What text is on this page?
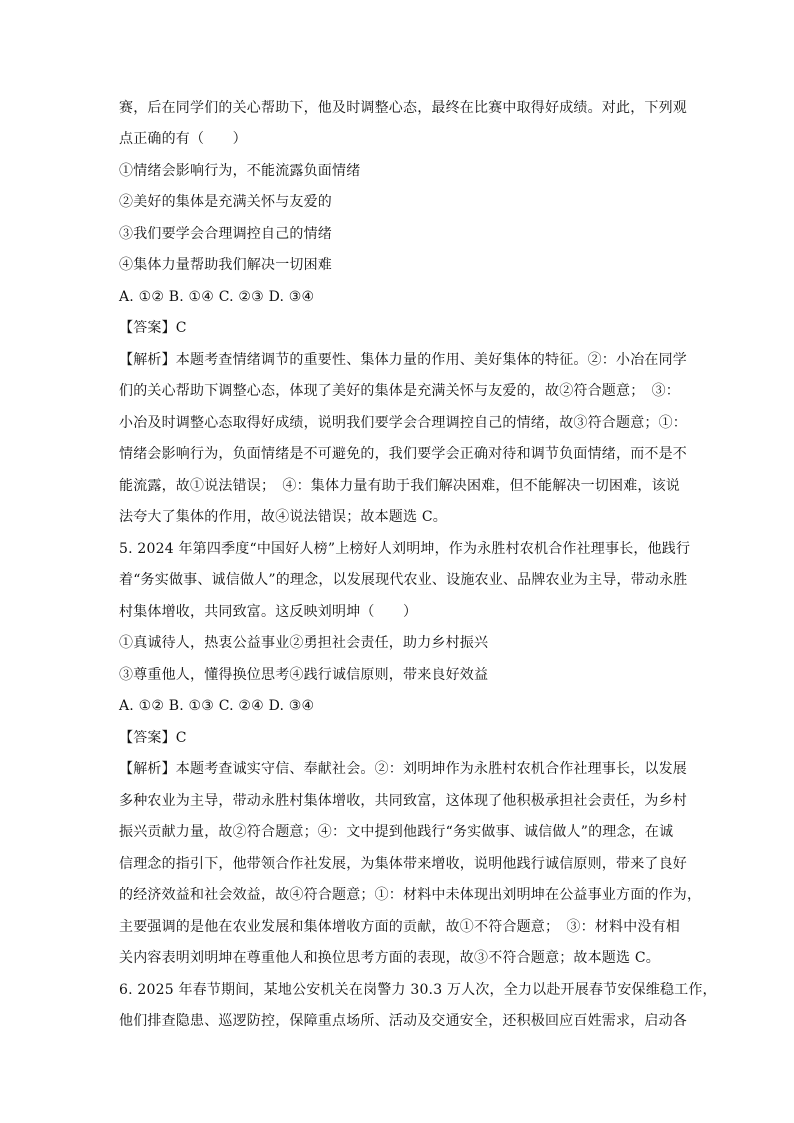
赛，后在同学们的关心帮助下，他及时调整心态，最终在比赛中取得好成绩。对此，下列观
点正确的有（　　）
①情绪会影响行为，不能流露负面情绪
②美好的集体是充满关怀与友爱的
③我们要学会合理调控自己的情绪
④集体力量帮助我们解决一切困难
A. ①② B. ①④ C. ②③ D. ③④
【答案】C
【解析】本题考查情绪调节的重要性、集体力量的作用、美好集体的特征。②：小冶在同学
们的关心帮助下调整心态，体现了美好的集体是充满关怀与友爱的，故②符合题意；　③：
小冶及时调整心态取得好成绩，说明我们要学会合理调控自己的情绪，故③符合题意；①：
情绪会影响行为，负面情绪是不可避免的，我们要学会正确对待和调节负面情绪，而不是不
能流露，故①说法错误；　④：集体力量有助于我们解决困难，但不能解决一切困难，该说
法夸大了集体的作用，故④说法错误；故本题选 C。
5. 2024 年第四季度“中国好人榜”上榜好人刘明坤，作为永胜村农机合作社理事长，他践行
着“务实做事、诚信做人”的理念，以发展现代农业、设施农业、品牌农业为主导，带动永胜
村集体增收，共同致富。这反映刘明坤（　　）
①真诚待人，热衷公益事业②勇担社会责任，助力乡村振兴
③尊重他人，懂得换位思考④践行诚信原则，带来良好效益
A. ①② B. ①③ C. ②④ D. ③④
【答案】C
【解析】本题考查诚实守信、奉献社会。②：刘明坤作为永胜村农机合作社理事长，以发展
多种农业为主导，带动永胜村集体增收，共同致富，这体现了他积极承担社会责任，为乡村
振兴贡献力量，故②符合题意；④：文中提到他践行“务实做事、诚信做人”的理念，在诚
信理念的指引下，他带领合作社发展，为集体带来增收，说明他践行诚信原则，带来了良好
的经济效益和社会效益，故④符合题意；①：材料中未体现出刘明坤在公益事业方面的作为，
主要强调的是他在农业发展和集体增收方面的贡献，故①不符合题意；　③：材料中没有相
关内容表明刘明坤在尊重他人和换位思考方面的表现，故③不符合题意；故本题选 C。
6. 2025 年春节期间，某地公安机关在岗警力 30.3 万人次，全力以赴开展春节安保维稳工作，
他们排查隐患、巡逻防控，保障重点场所、活动及交通安全，还积极回应百姓需求，启动各
